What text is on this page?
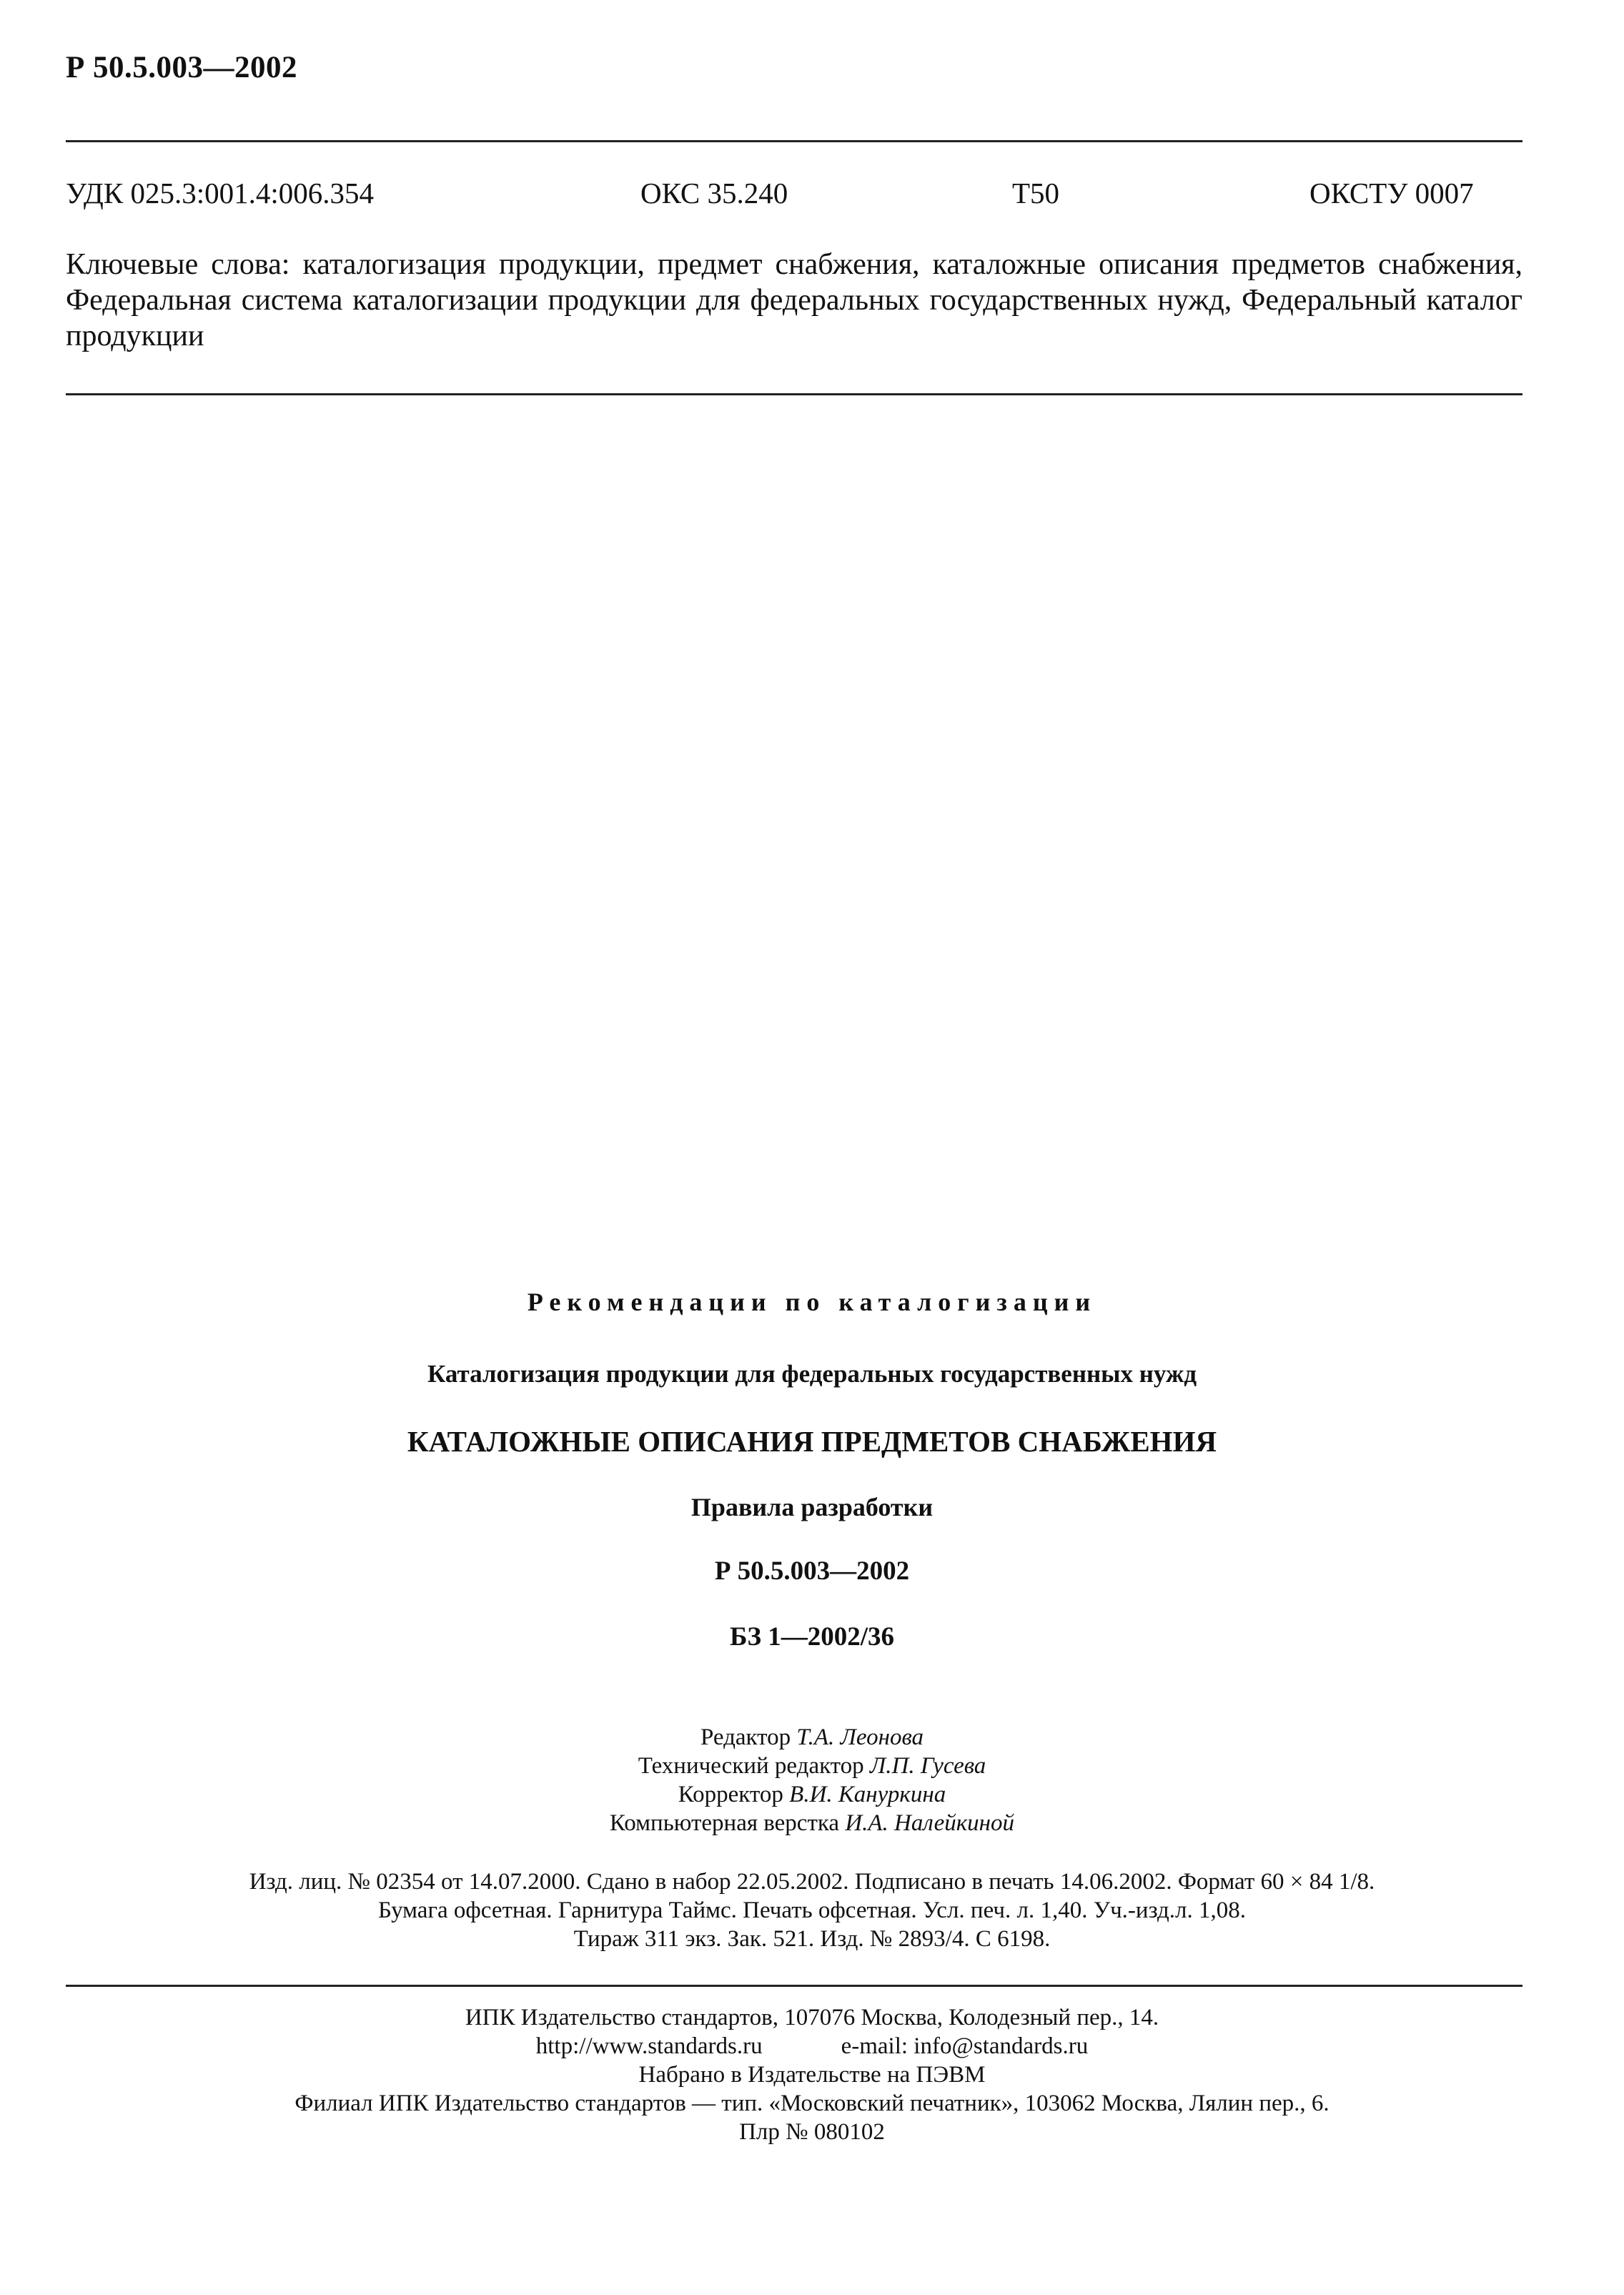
Р 50.5.003—2002
УДК 025.3:001.4:006.354	ОКС 35.240	Т50	ОКСТУ 0007
Ключевые слова: каталогизация продукции, предмет снабжения, каталожные описания предметов снабжения, Федеральная система каталогизации продукции для федеральных государственных нужд, Федеральный каталог продукции
Рекомендации по каталогизации
Каталогизация продукции для федеральных государственных нужд
КАТАЛОЖНЫЕ ОПИСАНИЯ ПРЕДМЕТОВ СНАБЖЕНИЯ
Правила разработки
Р 50.5.003—2002
БЗ 1—2002/36
Редактор Т.А. Леонова
Технический редактор Л.П. Гусева
Корректор В.И. Кануркина
Компьютерная верстка И.А. Налейкиной
Изд. лиц. № 02354 от 14.07.2000. Сдано в набор 22.05.2002. Подписано в печать 14.06.2002. Формат 60 × 84 1/8.
Бумага офсетная. Гарнитура Таймс. Печать офсетная. Усл. печ. л. 1,40. Уч.-изд.л. 1,08.
Тираж 311 экз. Зак. 521. Изд. № 2893/4. С 6198.
ИПК Издательство стандартов, 107076 Москва, Колодезный пер., 14.
http://www.standards.ru	e-mail: info@standards.ru
Набрано в Издательстве на ПЭВМ
Филиал ИПК Издательство стандартов — тип. «Московский печатник», 103062 Москва, Лялин пер., 6.
Плр № 080102
